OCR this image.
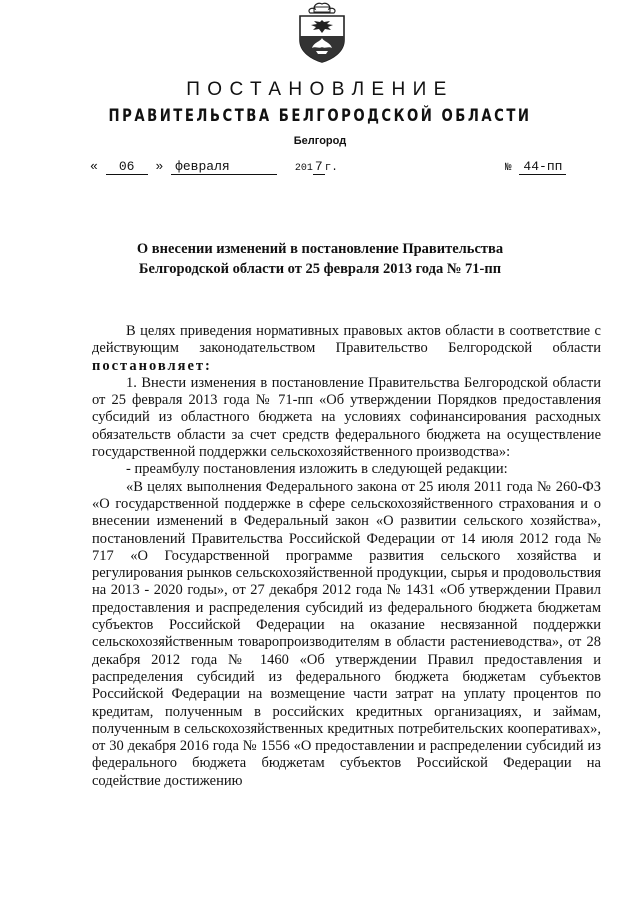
ПОСТАНОВЛЕНИЕ
ПРАВИТЕЛЬСТВА БЕЛГОРОДСКОЙ ОБЛАСТИ
Белгород
« 06 » февраля	201 7 г.	№ 44-пп
О внесении изменений в постановление Правительства
Белгородской области от 25 февраля 2013 года № 71-пп

В целях приведения нормативных правовых актов области в соответствие с действующим законодательством Правительство Белгородской области постановляет:

1. Внести изменения в постановление Правительства Белгородской области от 25 февраля 2013 года № 71-пп «Об утверждении Порядков предоставления субсидий из областного бюджета на условиях софинансирования расходных обязательств области за счет средств федерального бюджета на осуществление государственной поддержки сельскохозяйственного производства»:

- преамбулу постановления изложить в следующей редакции:

«В целях выполнения Федерального закона от 25 июля 2011 года № 260-ФЗ «О государственной поддержке в сфере сельскохозяйственного страхования и о внесении изменений в Федеральный закон «О развитии сельского хозяйства», постановлений Правительства Российской Федерации от 14 июля 2012 года № 717 «О Государственной программе развития сельского хозяйства и регулирования рынков сельскохозяйственной продукции, сырья и продовольствия на 2013 - 2020 годы», от 27 декабря 2012 года № 1431 «Об утверждении Правил предоставления и распределения субсидий из федерального бюджета бюджетам субъектов Российской Федерации на оказание несвязанной поддержки сельскохозяйственным товаропроизводителям в области растениеводства», от 28 декабря 2012 года № 1460 «Об утверждении Правил предоставления и распределения субсидий из федерального бюджета бюджетам субъектов Российской Федерации на возмещение части затрат на уплату процентов по кредитам, полученным в российских кредитных организациях, и займам, полученным в сельскохозяйственных кредитных потребительских кооперативах», от 30 декабря 2016 года № 1556 «О предоставлении и распределении субсидий из федерального бюджета бюджетам субъектов Российской Федерации на содействие достижению
